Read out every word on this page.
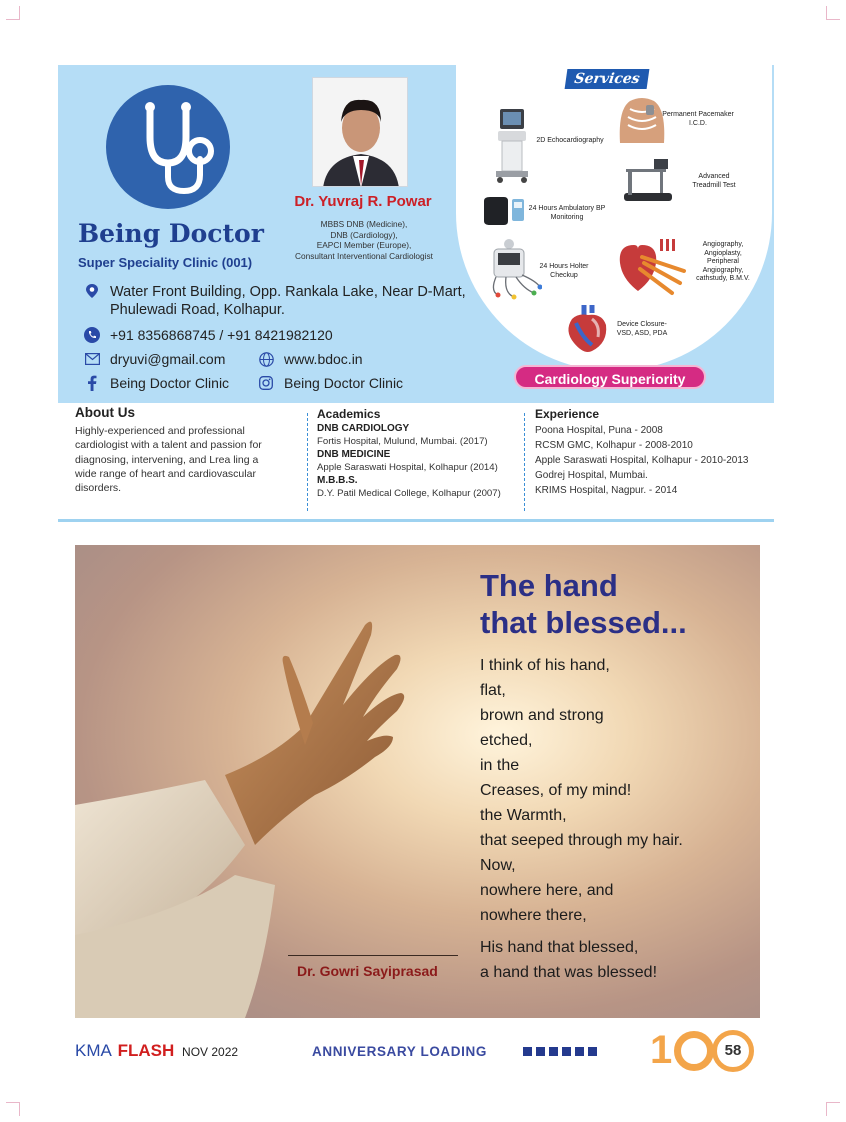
Being Doctor
Super Speciality Clinic (001)
Dr. Yuvraj R. Powar
MBBS DNB (Medicine),
DNB (Cardiology),
EAPCI Member (Europe),
Consultant Interventional Cardiologist
Water Front Building, Opp. Rankala Lake, Near D-Mart,
Phulewadi Road, Kolhapur.
+91 8356868745 / +91 8421982120
dryuvi@gmail.com	www.bdoc.in
Being Doctor Clinic	Being Doctor Clinic
Services
2D Echocardiography
Permanent Pacemaker I.C.D.
Advanced Treadmill Test
24 Hours Ambulatory BP Monitoring
24 Hours Holter Checkup
Angiography, Angioplasty, Peripheral Angiography, cathstudy, B.M.V.
Device Closure- VSD, ASD, PDA
Cardiology Superiority
About Us
Highly-experienced and professional
cardiologist with a talent and passion for
diagnosing, intervening, and Lrea ling a
wide range of heart and cardiovascular
disorders.
Academics
DNB CARDIOLOGY
Fortis Hospital, Mulund, Mumbai. (2017)
DNB MEDICINE
Apple Saraswati Hospital, Kolhapur (2014)
M.B.B.S.
D.Y. Patil Medical College, Kolhapur (2007)
Experience
Poona Hospital, Puna - 2008
RCSM GMC, Kolhapur - 2008-2010
Apple Saraswati Hospital, Kolhapur - 2010-2013
Godrej Hospital, Mumbai.
KRIMS Hospital, Nagpur. - 2014
The hand
that blessed...
I think of his hand,
flat,
brown and strong
etched,
in the
Creases, of my mind!
the Warmth,
that seeped through my hair.
Now,
nowhere here, and
nowhere there,
His hand that blessed,
a hand that was blessed!
Dr. Gowri Sayiprasad
KMA FLASH NOV 2022	ANNIVERSARY LOADING	1	58
